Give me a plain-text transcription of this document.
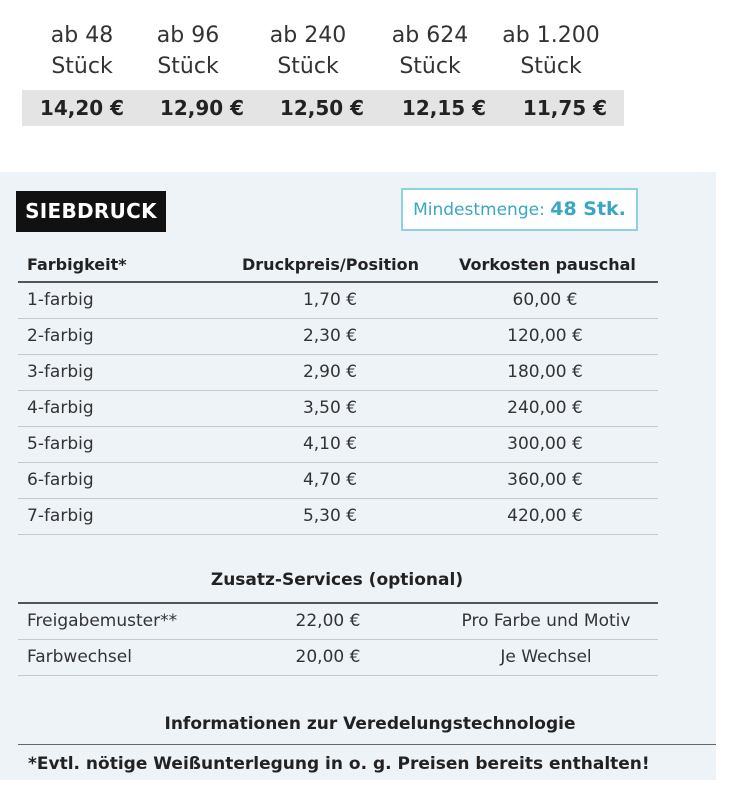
ab 48
Stück
ab 96
Stück
ab 240
Stück
ab 624
Stück
ab 1.200
Stück
14,20 €	12,90 €	12,50 €	12,15 €	11,75 €
SIEBDRUCK	Mindestmenge: 48 Stk.
Farbigkeit*	Druckpreis/Position	Vorkosten pauschal
1-farbig	1,70 €	60,00 €
2-farbig	2,30 €	120,00 €
3-farbig	2,90 €	180,00 €
4-farbig	3,50 €	240,00 €
5-farbig	4,10 €	300,00 €
6-farbig	4,70 €	360,00 €
7-farbig	5,30 €	420,00 €
Zusatz-Services (optional)
Freigabemuster**	22,00 €	Pro Farbe und Motiv
Farbwechsel	20,00 €	Je Wechsel
Informationen zur Veredelungstechnologie
*Evtl. nötige Weißunterlegung in o. g. Preisen bereits enthalten!
